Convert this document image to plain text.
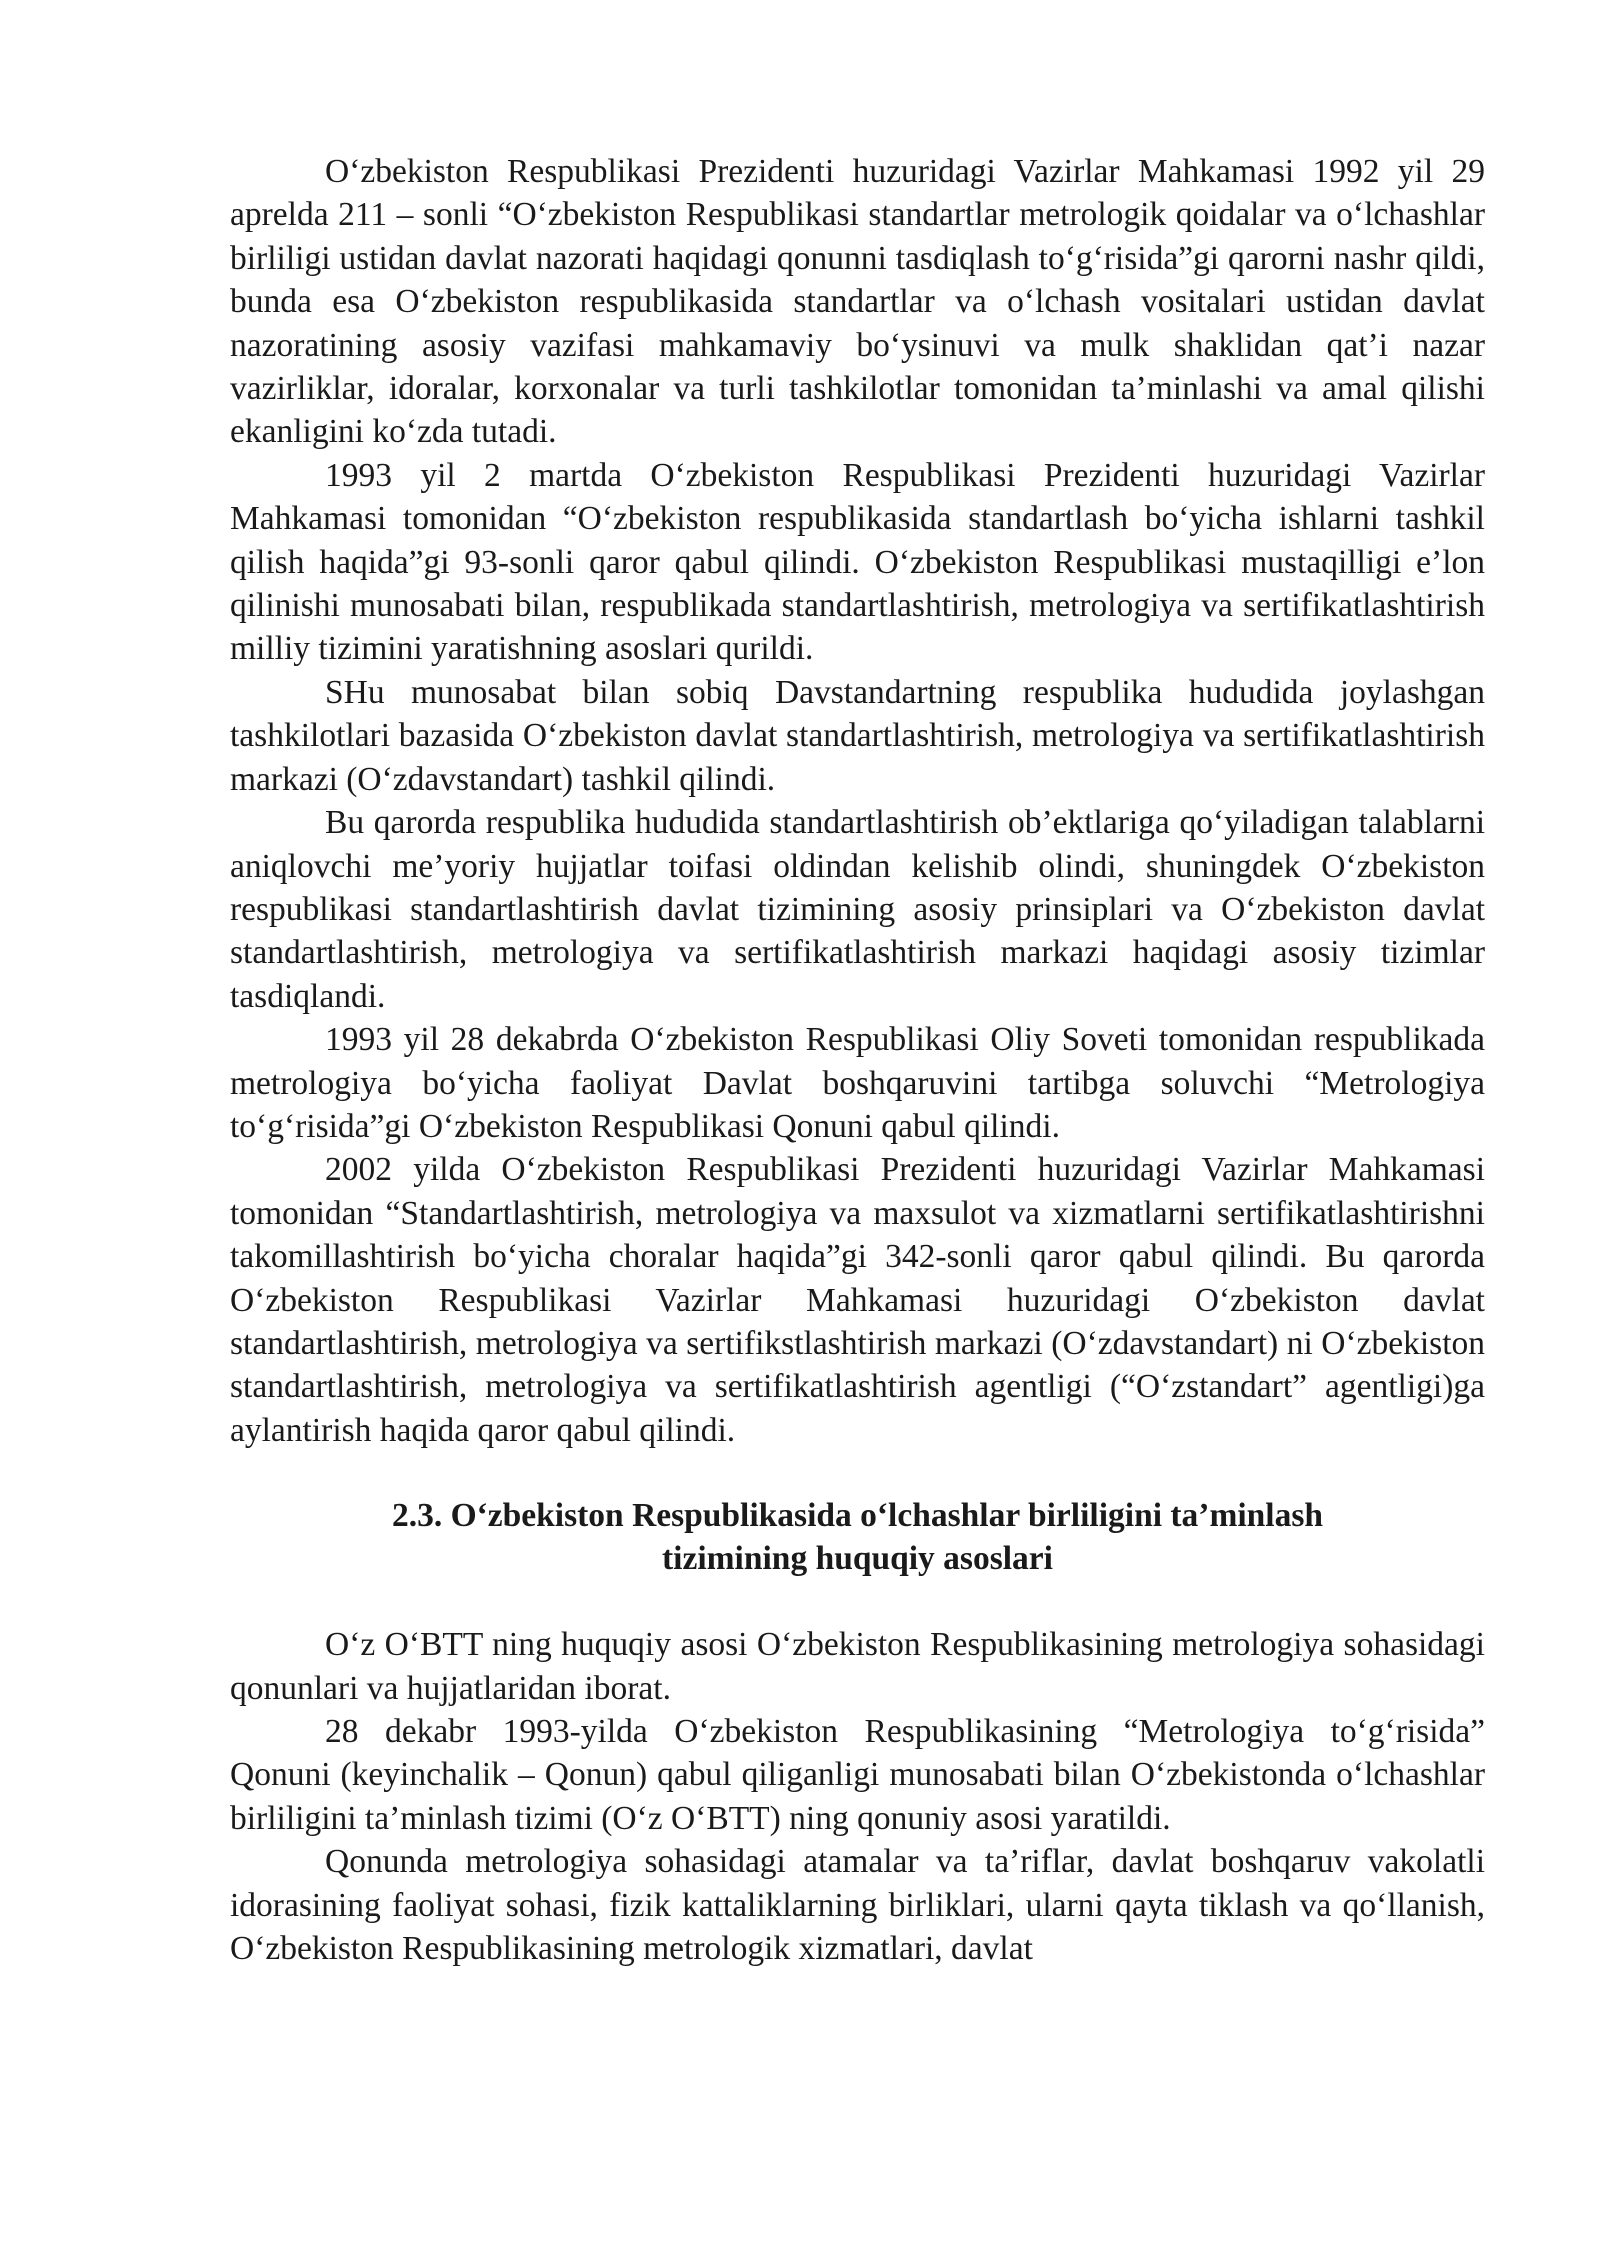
O‘zbekiston Respublikasi Prezidenti huzuridagi Vazirlar Mahkamasi 1992 yil 29 aprelda 211 – sonli “O‘zbekiston Respublikasi standartlar metrologik qoidalar va o‘lchashlar birliligi ustidan davlat nazorati haqidagi qonunni tasdiqlash to‘g‘risida”gi qarorni nashr qildi, bunda esa O‘zbekiston respublikasida standartlar va o‘lchash vositalari ustidan davlat nazoratining asosiy vazifasi mahkamaviy bo‘ysinuvi va mulk shaklidan qat’i nazar vazirliklar, idoralar, korxonalar va turli tashkilotlar tomonidan ta’minlashi va amal qilishi ekanligini ko‘zda tutadi.

1993 yil 2 martda O‘zbekiston Respublikasi Prezidenti huzuridagi Vazirlar Mahkamasi tomonidan “O‘zbekiston respublikasida standartlash bo‘yicha ishlarni tashkil qilish haqida”gi 93-sonli qaror qabul qilindi. O‘zbekiston Respublikasi mustaqilligi e’lon qilinishi munosabati bilan, respublikada standartlashtirish, metrologiya va sertifikatlashtirish milliy tizimini yaratishning asoslari qurildi.

SHu munosabat bilan sobiq Davstandartning respublika hududida joylashgan tashkilotlari bazasida O‘zbekiston davlat standartlashtirish, metrologiya va sertifikatlashtirish markazi (O‘zdavstandart) tashkil qilindi.

Bu qarorda respublika hududida standartlashtirish ob’ektlariga qo‘yiladigan talablarni aniqlovchi me’yoriy hujjatlar toifasi oldindan kelishib olindi, shuningdek O‘zbekiston respublikasi standartlashtirish davlat tizimining asosiy prinsiplari va O‘zbekiston davlat standartlashtirish, metrologiya va sertifikatlashtirish markazi haqidagi asosiy tizimlar tasdiqlandi.

1993 yil 28 dekabrda O‘zbekiston Respublikasi Oliy Soveti tomonidan respublikada metrologiya bo‘yicha faoliyat Davlat boshqaruvini tartibga soluvchi “Metrologiya to‘g‘risida”gi O‘zbekiston Respublikasi Qonuni qabul qilindi.

2002 yilda O‘zbekiston Respublikasi Prezidenti huzuridagi Vazirlar Mahkamasi tomonidan “Standartlashtirish, metrologiya va maxsulot va xizmatlarni sertifikatlashtirishni takomillashtirish bo‘yicha choralar haqida”gi 342-sonli qaror qabul qilindi. Bu qarorda O‘zbekiston Respublikasi Vazirlar Mahkamasi huzuridagi O‘zbekiston davlat standartlashtirish, metrologiya va sertifikstlashtirish markazi (O‘zdavstandart) ni O‘zbekiston standartlashtirish, metrologiya va sertifikatlashtirish agentligi (“O‘zstandart” agentligi)ga aylantirish haqida qaror qabul qilindi.

2.3. O‘zbekiston Respublikasida o‘lchashlar birliligini ta’minlash
tizimining huquqiy asoslari

O‘z O‘BTT ning huquqiy asosi O‘zbekiston Respublikasining metrologiya sohasidagi qonunlari va hujjatlaridan iborat.

28 dekabr 1993-yilda O‘zbekiston Respublikasining “Metrologiya to‘g‘risida” Qonuni (keyinchalik – Qonun) qabul qiliganligi munosabati bilan O‘zbekistonda o‘lchashlar birliligini ta’minlash tizimi (O‘z O‘BTT) ning qonuniy asosi yaratildi.

Qonunda metrologiya sohasidagi atamalar va ta’riflar, davlat boshqaruv vakolatli idorasining faoliyat sohasi, fizik kattaliklarning birliklari, ularni qayta tiklash va qo‘llanish, O‘zbekiston Respublikasining metrologik xizmatlari, davlat
